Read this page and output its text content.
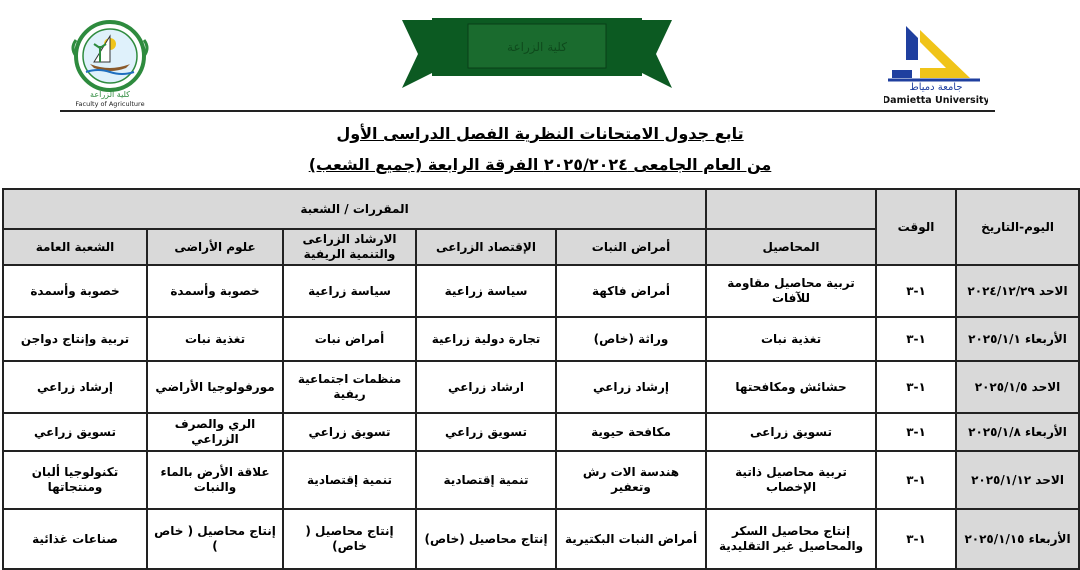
كلية الزراعة
Faculty of Agriculture
كلية الزراعة
جامعة دمياط
Damietta University
تابع جدول الامتحانات النظرية الفصل الدراسى الأول
من العام الجامعى ٢٠٢٥/٢٠٢٤ الفرقة الرابعة (جميع الشعب)
اليوم-التاريخ	الوقت		المقررات / الشعبة				
		المحاصيل	أمراض النبات	الإقتصاد الزراعى	الارشاد الزراعى والتنمية الريفية	علوم الأراضى	الشعبة العامة
الاحد ٢٠٢٤/١٢/٢٩	١-٣	تربية محاصيل مقاومة للآفات	أمراض فاكهة	سياسة زراعية	سياسة زراعية	خصوبة وأسمدة	خصوبة وأسمدة
الأربعاء ٢٠٢٥/١/١	١-٣	تغذية نبات	وراثة (خاص)	تجارة دولية زراعية	أمراض نبات	تغذية نبات	تربية وإنتاج دواجن
الاحد ٢٠٢٥/١/٥	١-٣	حشائش ومكافحتها	إرشاد زراعي	ارشاد زراعي	منظمات اجتماعية ريفية	مورفولوجيا الأراضي	إرشاد زراعي
الأربعاء ٢٠٢٥/١/٨	١-٣	تسويق زراعى	مكافحة حيوية	تسويق زراعي	تسويق زراعي	الري والصرف الزراعي	تسويق زراعي
الاحد ٢٠٢٥/١/١٢	١-٣	تربية محاصيل ذاتية الإخصاب	هندسة الات رش وتعفير	تنمية إقتصادية	تنمية إقتصادية	علاقة الأرض بالماء والنبات	تكنولوجيا ألبان ومنتجاتها
الأربعاء ٢٠٢٥/١/١٥	١-٣	إنتاج محاصيل السكر والمحاصيل غير التقليدية	أمراض النبات البكتيرية	إنتاج محاصيل (خاص)	إنتاج محاصيل ( خاص)	إنتاج محاصيل ( خاص )	صناعات غذائية
